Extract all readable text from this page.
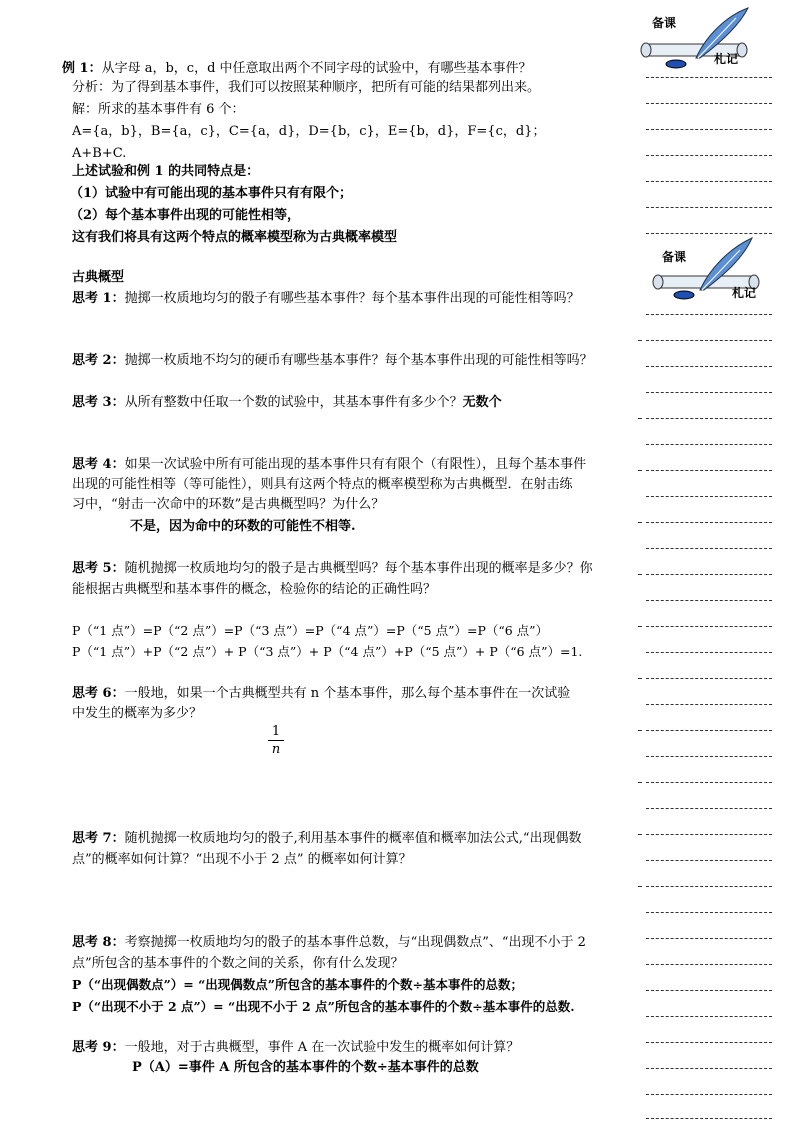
备课
札记
备课
札记
例 1：从字母 a，b，c，d 中任意取出两个不同字母的试验中，有哪些基本事件？
分析：为了得到基本事件，我们可以按照某种顺序，把所有可能的结果都列出来。
解：所求的基本事件有 6 个：
A={a，b}，B={a，c}，C={a，d}，D={b，c}，E={b，d}，F={c，d}；
A+B+C.
上述试验和例 1 的共同特点是：
（1）试验中有可能出现的基本事件只有有限个；
（2）每个基本事件出现的可能性相等，
这有我们将具有这两个特点的概率模型称为古典概率模型
古典概型
思考 1：抛掷一枚质地均匀的骰子有哪些基本事件？每个基本事件出现的可能性相等吗？
思考 2：抛掷一枚质地不均匀的硬币有哪些基本事件？每个基本事件出现的可能性相等吗？
思考 3：从所有整数中任取一个数的试验中，其基本事件有多少个？无数个
思考 4：如果一次试验中所有可能出现的基本事件只有有限个（有限性），且每个基本事件
出现的可能性相等（等可能性），则具有这两个特点的概率模型称为古典概型．在射击练
习中，“射击一次命中的环数”是古典概型吗？为什么？
不是，因为命中的环数的可能性不相等.
思考 5：随机抛掷一枚质地均匀的骰子是古典概型吗？每个基本事件出现的概率是多少？你
能根据古典概型和基本事件的概念，检验你的结论的正确性吗？
P（“1 点”）=P（“2 点”）=P（“3 点”）=P（“4 点”）=P（“5 点”）=P（“6 点”）
P（“1 点”）+P（“2 点”）+ P（“3 点”）+ P（“4 点”）+P（“5 点”）+ P（“6 点”）=1.
思考 6：一般地，如果一个古典概型共有 n 个基本事件，那么每个基本事件在一次试验
中发生的概率为多少？
1
n
思考 7：随机抛掷一枚质地均匀的骰子,利用基本事件的概率值和概率加法公式,“出现偶数
点”的概率如何计算？“出现不小于 2 点” 的概率如何计算？
思考 8：考察抛掷一枚质地均匀的骰子的基本事件总数，与“出现偶数点”、“出现不小于 2
点”所包含的基本事件的个数之间的关系，你有什么发现？
P（“出现偶数点”）= “出现偶数点”所包含的基本事件的个数÷基本事件的总数；
P（“出现不小于 2 点”）= “出现不小于 2 点”所包含的基本事件的个数÷基本事件的总数.
思考 9：一般地，对于古典概型，事件 A 在一次试验中发生的概率如何计算？
P（A）=事件 A 所包含的基本事件的个数÷基本事件的总数
